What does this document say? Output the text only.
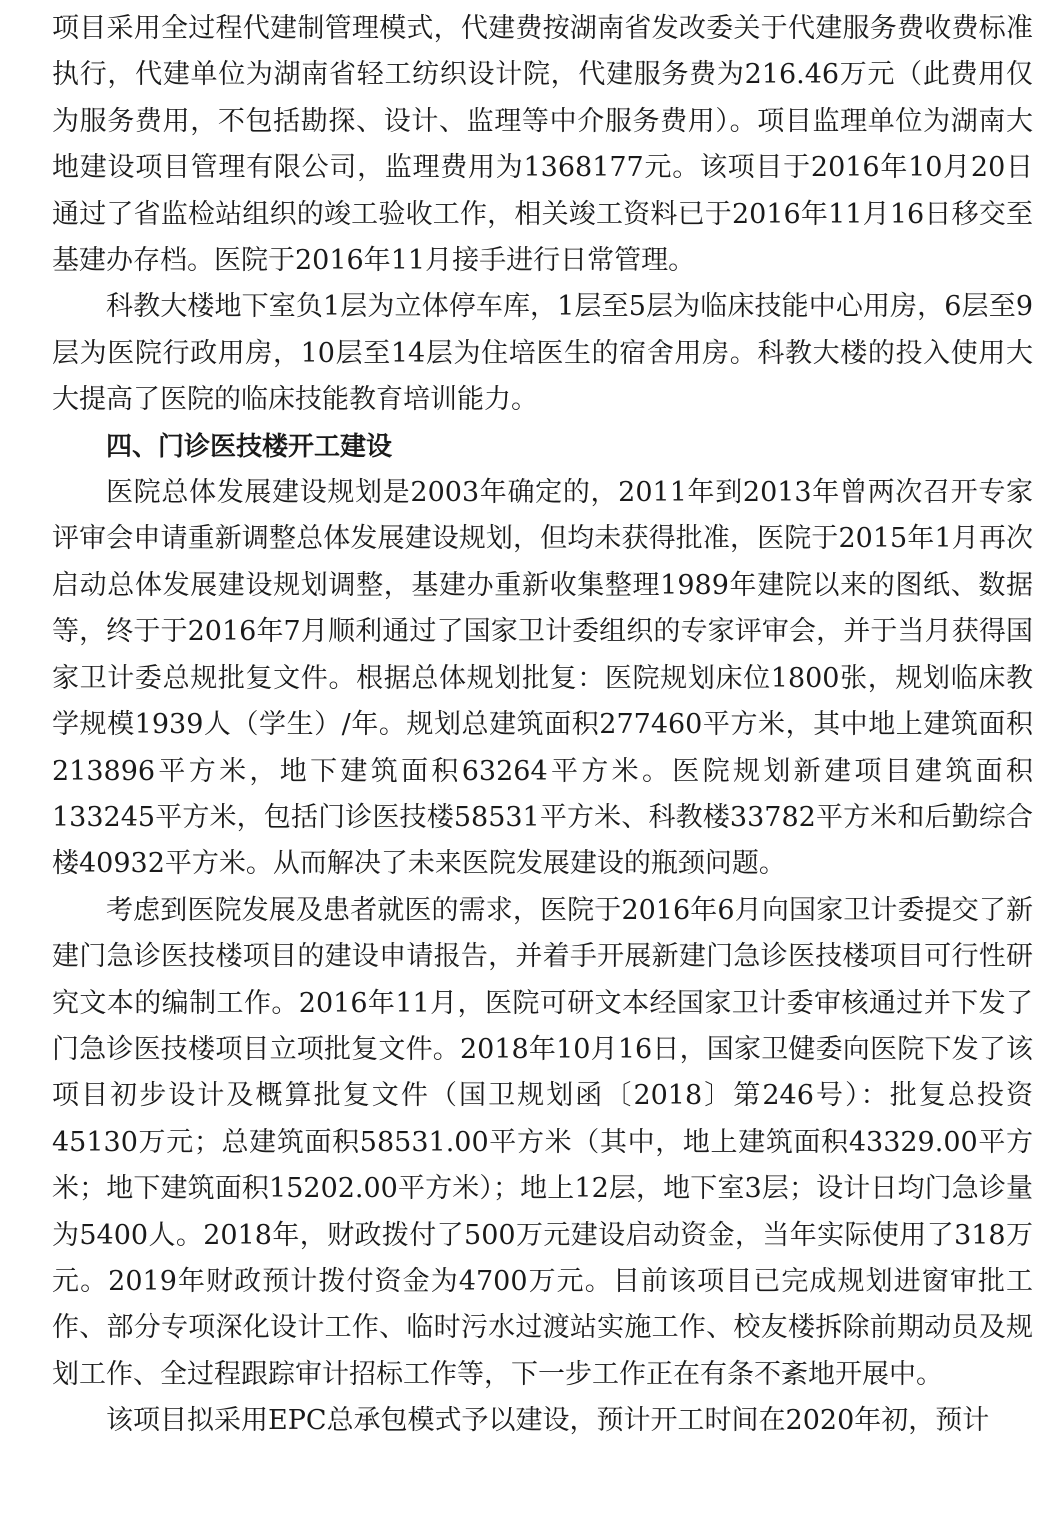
项目采用全过程代建制管理模式，代建费按湖南省发改委关于代建服务费收费标准执行，代建单位为湖南省轻工纺织设计院，代建服务费为216.46万元（此费用仅为服务费用，不包括勘探、设计、监理等中介服务费用）。项目监理单位为湖南大地建设项目管理有限公司，监理费用为1368177元。该项目于2016年10月20日通过了省监检站组织的竣工验收工作，相关竣工资料已于2016年11月16日移交至基建办存档。医院于2016年11月接手进行日常管理。

科教大楼地下室负1层为立体停车库，1层至5层为临床技能中心用房，6层至9层为医院行政用房，10层至14层为住培医生的宿舍用房。科教大楼的投入使用大大提高了医院的临床技能教育培训能力。

四、门诊医技楼开工建设

医院总体发展建设规划是2003年确定的，2011年到2013年曾两次召开专家评审会申请重新调整总体发展建设规划，但均未获得批准，医院于2015年1月再次启动总体发展建设规划调整，基建办重新收集整理1989年建院以来的图纸、数据等，终于于2016年7月顺利通过了国家卫计委组织的专家评审会，并于当月获得国家卫计委总规批复文件。根据总体规划批复：医院规划床位1800张，规划临床教学规模1939人（学生）/年。规划总建筑面积277460平方米，其中地上建筑面积213896平方米，地下建筑面积63264平方米。医院规划新建项目建筑面积133245平方米，包括门诊医技楼58531平方米、科教楼33782平方米和后勤综合楼40932平方米。从而解决了未来医院发展建设的瓶颈问题。

考虑到医院发展及患者就医的需求，医院于2016年6月向国家卫计委提交了新建门急诊医技楼项目的建设申请报告，并着手开展新建门急诊医技楼项目可行性研究文本的编制工作。2016年11月，医院可研文本经国家卫计委审核通过并下发了门急诊医技楼项目立项批复文件。2018年10月16日，国家卫健委向医院下发了该项目初步设计及概算批复文件（国卫规划函〔2018〕第246号）：批复总投资45130万元；总建筑面积58531.00平方米（其中，地上建筑面积43329.00平方米；地下建筑面积15202.00平方米）；地上12层，地下室3层；设计日均门急诊量为5400人。2018年，财政拨付了500万元建设启动资金，当年实际使用了318万元。2019年财政预计拨付资金为4700万元。目前该项目已完成规划进窗审批工作、部分专项深化设计工作、临时污水过渡站实施工作、校友楼拆除前期动员及规划工作、全过程跟踪审计招标工作等，下一步工作正在有条不紊地开展中。

该项目拟采用EPC总承包模式予以建设，预计开工时间在2020年初，预计
